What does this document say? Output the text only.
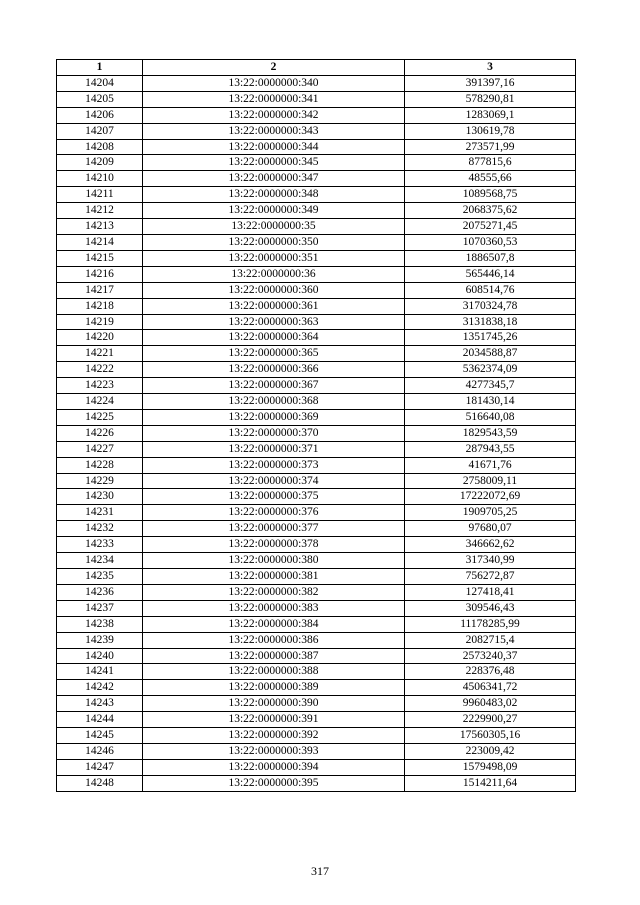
1	2	3
14204	13:22:0000000:340	391397,16
14205	13:22:0000000:341	578290,81
14206	13:22:0000000:342	1283069,1
14207	13:22:0000000:343	130619,78
14208	13:22:0000000:344	273571,99
14209	13:22:0000000:345	877815,6
14210	13:22:0000000:347	48555,66
14211	13:22:0000000:348	1089568,75
14212	13:22:0000000:349	2068375,62
14213	13:22:0000000:35	2075271,45
14214	13:22:0000000:350	1070360,53
14215	13:22:0000000:351	1886507,8
14216	13:22:0000000:36	565446,14
14217	13:22:0000000:360	608514,76
14218	13:22:0000000:361	3170324,78
14219	13:22:0000000:363	3131838,18
14220	13:22:0000000:364	1351745,26
14221	13:22:0000000:365	2034588,87
14222	13:22:0000000:366	5362374,09
14223	13:22:0000000:367	4277345,7
14224	13:22:0000000:368	181430,14
14225	13:22:0000000:369	516640,08
14226	13:22:0000000:370	1829543,59
14227	13:22:0000000:371	287943,55
14228	13:22:0000000:373	41671,76
14229	13:22:0000000:374	2758009,11
14230	13:22:0000000:375	17222072,69
14231	13:22:0000000:376	1909705,25
14232	13:22:0000000:377	97680,07
14233	13:22:0000000:378	346662,62
14234	13:22:0000000:380	317340,99
14235	13:22:0000000:381	756272,87
14236	13:22:0000000:382	127418,41
14237	13:22:0000000:383	309546,43
14238	13:22:0000000:384	11178285,99
14239	13:22:0000000:386	2082715,4
14240	13:22:0000000:387	2573240,37
14241	13:22:0000000:388	228376,48
14242	13:22:0000000:389	4506341,72
14243	13:22:0000000:390	9960483,02
14244	13:22:0000000:391	2229900,27
14245	13:22:0000000:392	17560305,16
14246	13:22:0000000:393	223009,42
14247	13:22:0000000:394	1579498,09
14248	13:22:0000000:395	1514211,64
317
